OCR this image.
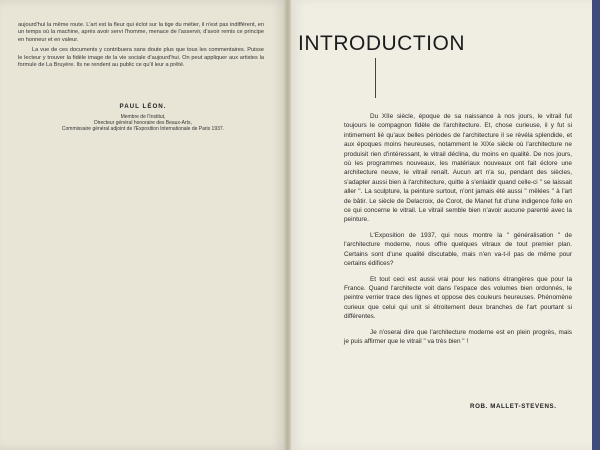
aujourd'hui la même route. L'art est la fleur qui éclot sur la tige du métier, il n'est pas indifférent, en un temps où la machine, après avoir servi l'homme, menace de l'asservir, d'avoir remis ce principe en honneur et en valeur.

La vue de ces documents y contribuera sans doute plus que tous les commentaires. Puisse le lecteur y trouver la fidèle image de la vie sociale d'aujourd'hui. On peut appliquer aux artistes la formule de La Bruyère. Ils ne rendent au public ce qu'il leur a prêté.

PAUL LÉON.
Membre de l'Institut,
Directeur général honoraire des Beaux-Arts,
Commissaire général adjoint de l'Exposition Internationale de Paris 1937.
INTRODUCTION

Du XIIe siècle, époque de sa naissance à nos jours, le vitrail fut toujours le compagnon fidèle de l'architecture. Et, chose curieuse, il y fut si intimement lié qu'aux belles périodes de l'architecture il se révéla splendide, et aux époques moins heureuses, notamment le XIXe siècle où l'architecture ne produisit rien d'intéressant, le vitrail déclina, du moins en qualité. De nos jours, où les programmes nouveaux, les matériaux nouveaux ont fait éclore une architecture neuve, le vitrail renaît. Aucun art n'a su, pendant des siècles, s'adapter aussi bien à l'architecture, quitte à s'enlaidir quand celle-ci " se laissait aller ". La sculpture, la peinture surtout, n'ont jamais été aussi " mêlées " à l'art de bâtir. Le siècle de Delacroix, de Corot, de Manet fut d'une indigence folle en ce qui concerne le vitrail. Le vitrail semble bien n'avoir aucune parenté avec la peinture.

L'Exposition de 1937, qui nous montre la " généralisation " de l'architecture moderne, nous offre quelques vitraux de tout premier plan. Certains sont d'une qualité discutable, mais n'en va-t-il pas de même pour certains édifices?

Et tout ceci est aussi vrai pour les nations étrangères que pour la France. Quand l'architecte voit dans l'espace des volumes bien ordonnés, le peintre verrier trace des lignes et oppose des couleurs heureuses. Phénomène curieux que celui qui unit si étroitement deux branches de l'art pourtant si différentes.

Je n'oserai dire que l'architecture moderne est en plein progrès, mais je puis affirmer que le vitrail " va très bien " !

ROB. MALLET-STEVENS.
